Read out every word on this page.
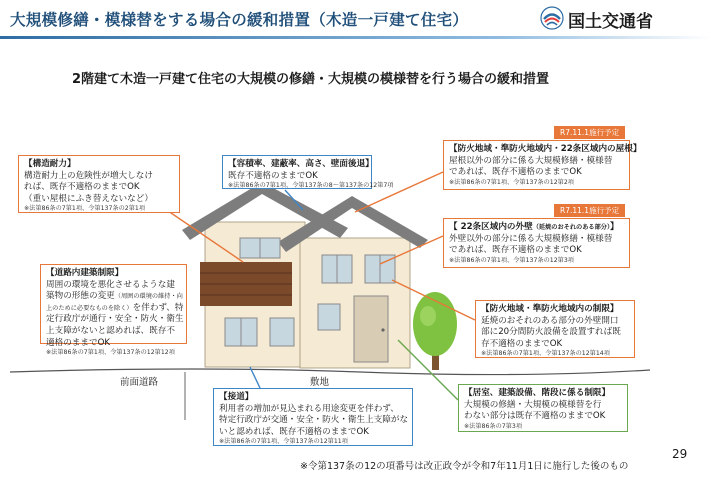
大規模修繕・模様替をする場合の緩和措置（木造一戸建て住宅）	国土交通省
2階建て木造一戸建て住宅の大規模の修繕・大規模の模様替を行う場合の緩和措置
【構造耐力】
構造耐力上の危険性が増大しなけ
れば、既存不適格のままでOK
（重い屋根にふき替えないなど）
※法第86条の7第1項、令第137条の2第1項
【容積率、建蔽率、高さ、壁面後退】
既存不適格のままでOK
※法第86条の7第1項、令第137条の8～第137条の12第7項
R7.11.1施行予定
【防火地域・準防火地域内・22条区域内の屋根】
屋根以外の部分に係る大規模修繕・模様替
であれば、既存不適格のままでOK
※法第86条の7第1項、令第137条の12第2項
R7.11.1施行予定
【 22条区域内の外壁（延焼のおそれのある部分）】
外壁以外の部分に係る大規模修繕・模様替
であれば、既存不適格のままでOK
※法第86条の7第1項、令第137条の12第3項
【道路内建築制限】
周囲の環境を悪化させるような建
築物の形態の変更（周囲の環境の維持・向
上のために必要なものを除く）を伴わず、特
定行政庁が通行・安全・防火・衛生
上支障がないと認めれば、既存不
適格のままでOK
※法第86条の7第1項、令第137条の12第12項
【防火地域・準防火地域内の制限】
延焼のおそれのある部分の外壁開口
部に20分間防火設備を設置すれば既
存不適格のままでOK
※法第86条の7第1項、令第137条の12第14項
【接道】
利用者の増加が見込まれる用途変更を伴わず、
特定行政庁が交通・安全・防火・衛生上支障がな
いと認めれば、既存不適格のままでOK
※法第86条の7第1項、令第137条の12第11項
【居室、建築設備、階段に係る制限】
大規模の修繕・大規模の模様替を行
わない部分は既存不適格のままでOK
※法第86条の7第3項
前面道路	敷地
29
※令第137条の12の項番号は改正政令が令和7年11月1日に施行した後のもの
